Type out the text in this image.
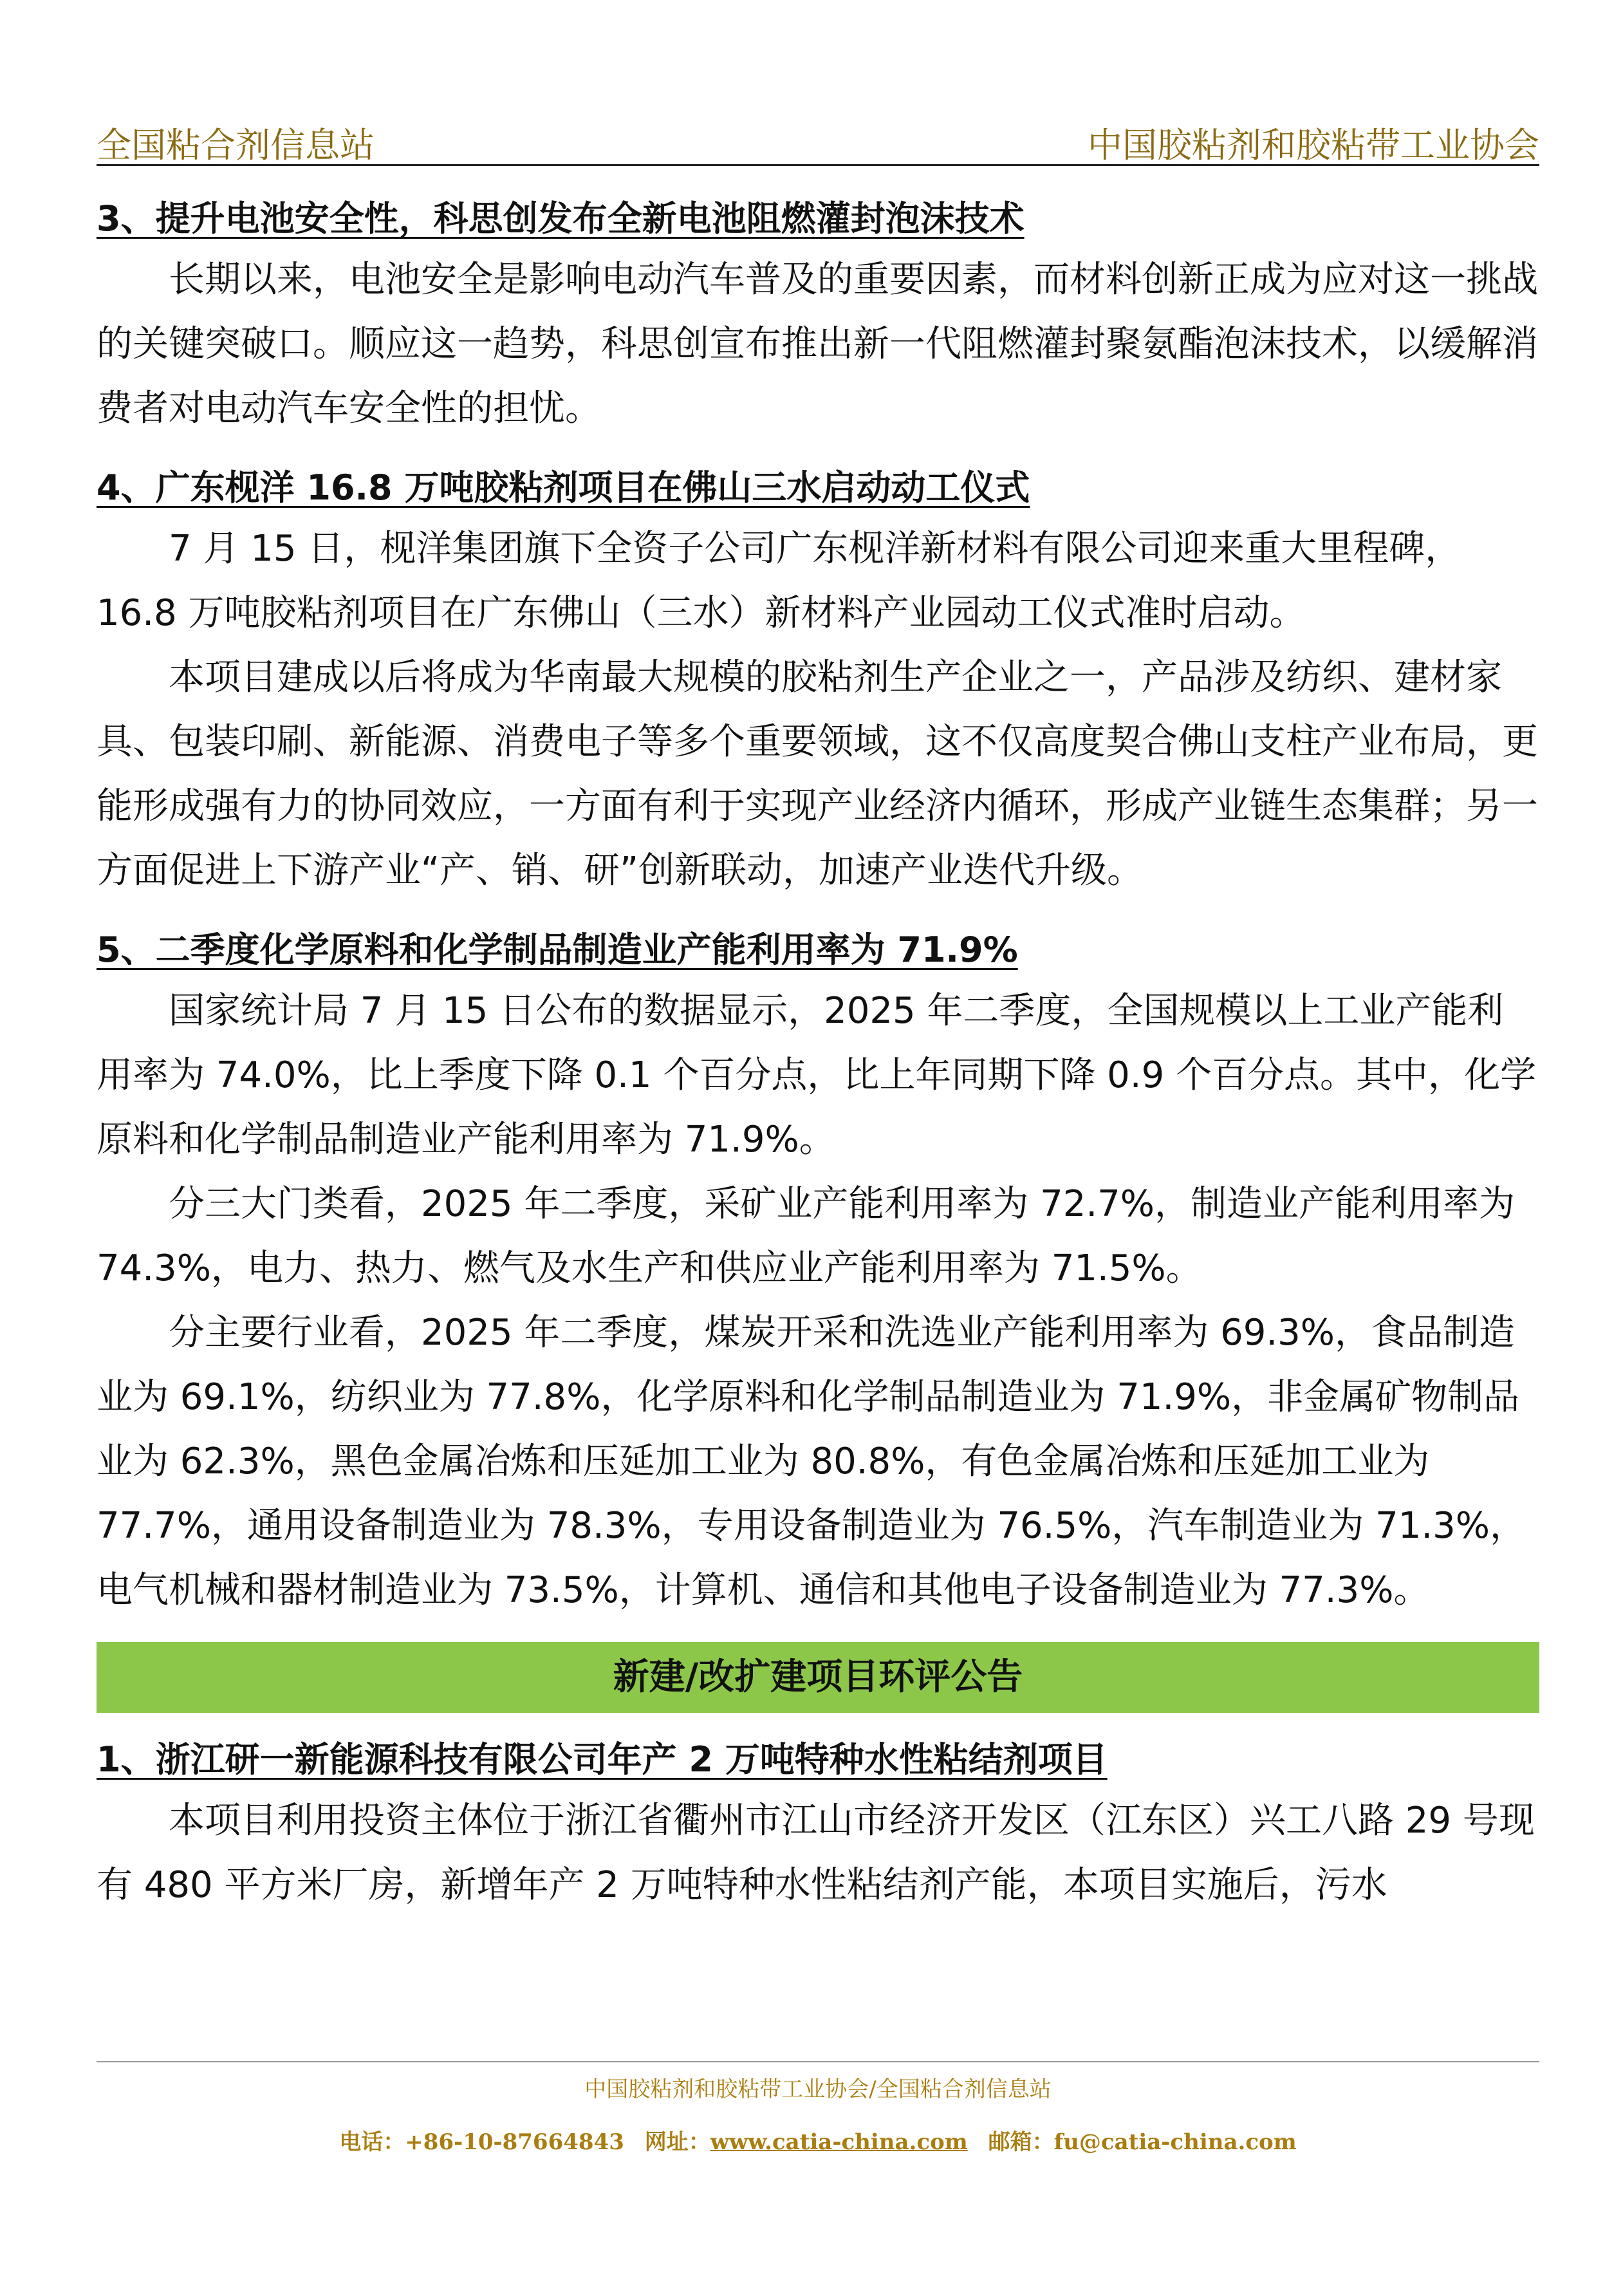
全国粘合剂信息站	中国胶粘剂和胶粘带工业协会
3、提升电池安全性，科思创发布全新电池阻燃灌封泡沫技术

长期以来，电池安全是影响电动汽车普及的重要因素，而材料创新正成为应对这一挑战的关键突破口。顺应这一趋势，科思创宣布推出新一代阻燃灌封聚氨酯泡沫技术，以缓解消费者对电动汽车安全性的担忧。

4、广东枧洋 16.8 万吨胶粘剂项目在佛山三水启动动工仪式

7 月 15 日，枧洋集团旗下全资子公司广东枧洋新材料有限公司迎来重大里程碑，16.8 万吨胶粘剂项目在广东佛山（三水）新材料产业园动工仪式准时启动。

本项目建成以后将成为华南最大规模的胶粘剂生产企业之一，产品涉及纺织、建材家具、包装印刷、新能源、消费电子等多个重要领域，这不仅高度契合佛山支柱产业布局，更能形成强有力的协同效应，一方面有利于实现产业经济内循环，形成产业链生态集群；另一方面促进上下游产业“产、销、研”创新联动，加速产业迭代升级。

5、二季度化学原料和化学制品制造业产能利用率为 71.9%

国家统计局 7 月 15 日公布的数据显示，2025 年二季度，全国规模以上工业产能利用率为 74.0%，比上季度下降 0.1 个百分点，比上年同期下降 0.9 个百分点。其中，化学原料和化学制品制造业产能利用率为 71.9%。

分三大门类看，2025 年二季度，采矿业产能利用率为 72.7%，制造业产能利用率为 74.3%，电力、热力、燃气及水生产和供应业产能利用率为 71.5%。

分主要行业看，2025 年二季度，煤炭开采和洗选业产能利用率为 69.3%，食品制造业为 69.1%，纺织业为 77.8%，化学原料和化学制品制造业为 71.9%，非金属矿物制品业为 62.3%，黑色金属冶炼和压延加工业为 80.8%，有色金属冶炼和压延加工业为 77.7%，通用设备制造业为 78.3%，专用设备制造业为 76.5%，汽车制造业为 71.3%，电气机械和器材制造业为 73.5%，计算机、通信和其他电子设备制造业为 77.3%。

新建/改扩建项目环评公告
1、浙江研一新能源科技有限公司年产 2 万吨特种水性粘结剂项目

本项目利用投资主体位于浙江省衢州市江山市经济开发区（江东区）兴工八路 29 号现有 480 平方米厂房，新增年产 2 万吨特种水性粘结剂产能，本项目实施后，污水

中国胶粘剂和胶粘带工业协会/全国粘合剂信息站
电话：+86-10-87664843 网址：www.catia-china.com 邮箱：fu@catia-china.com
